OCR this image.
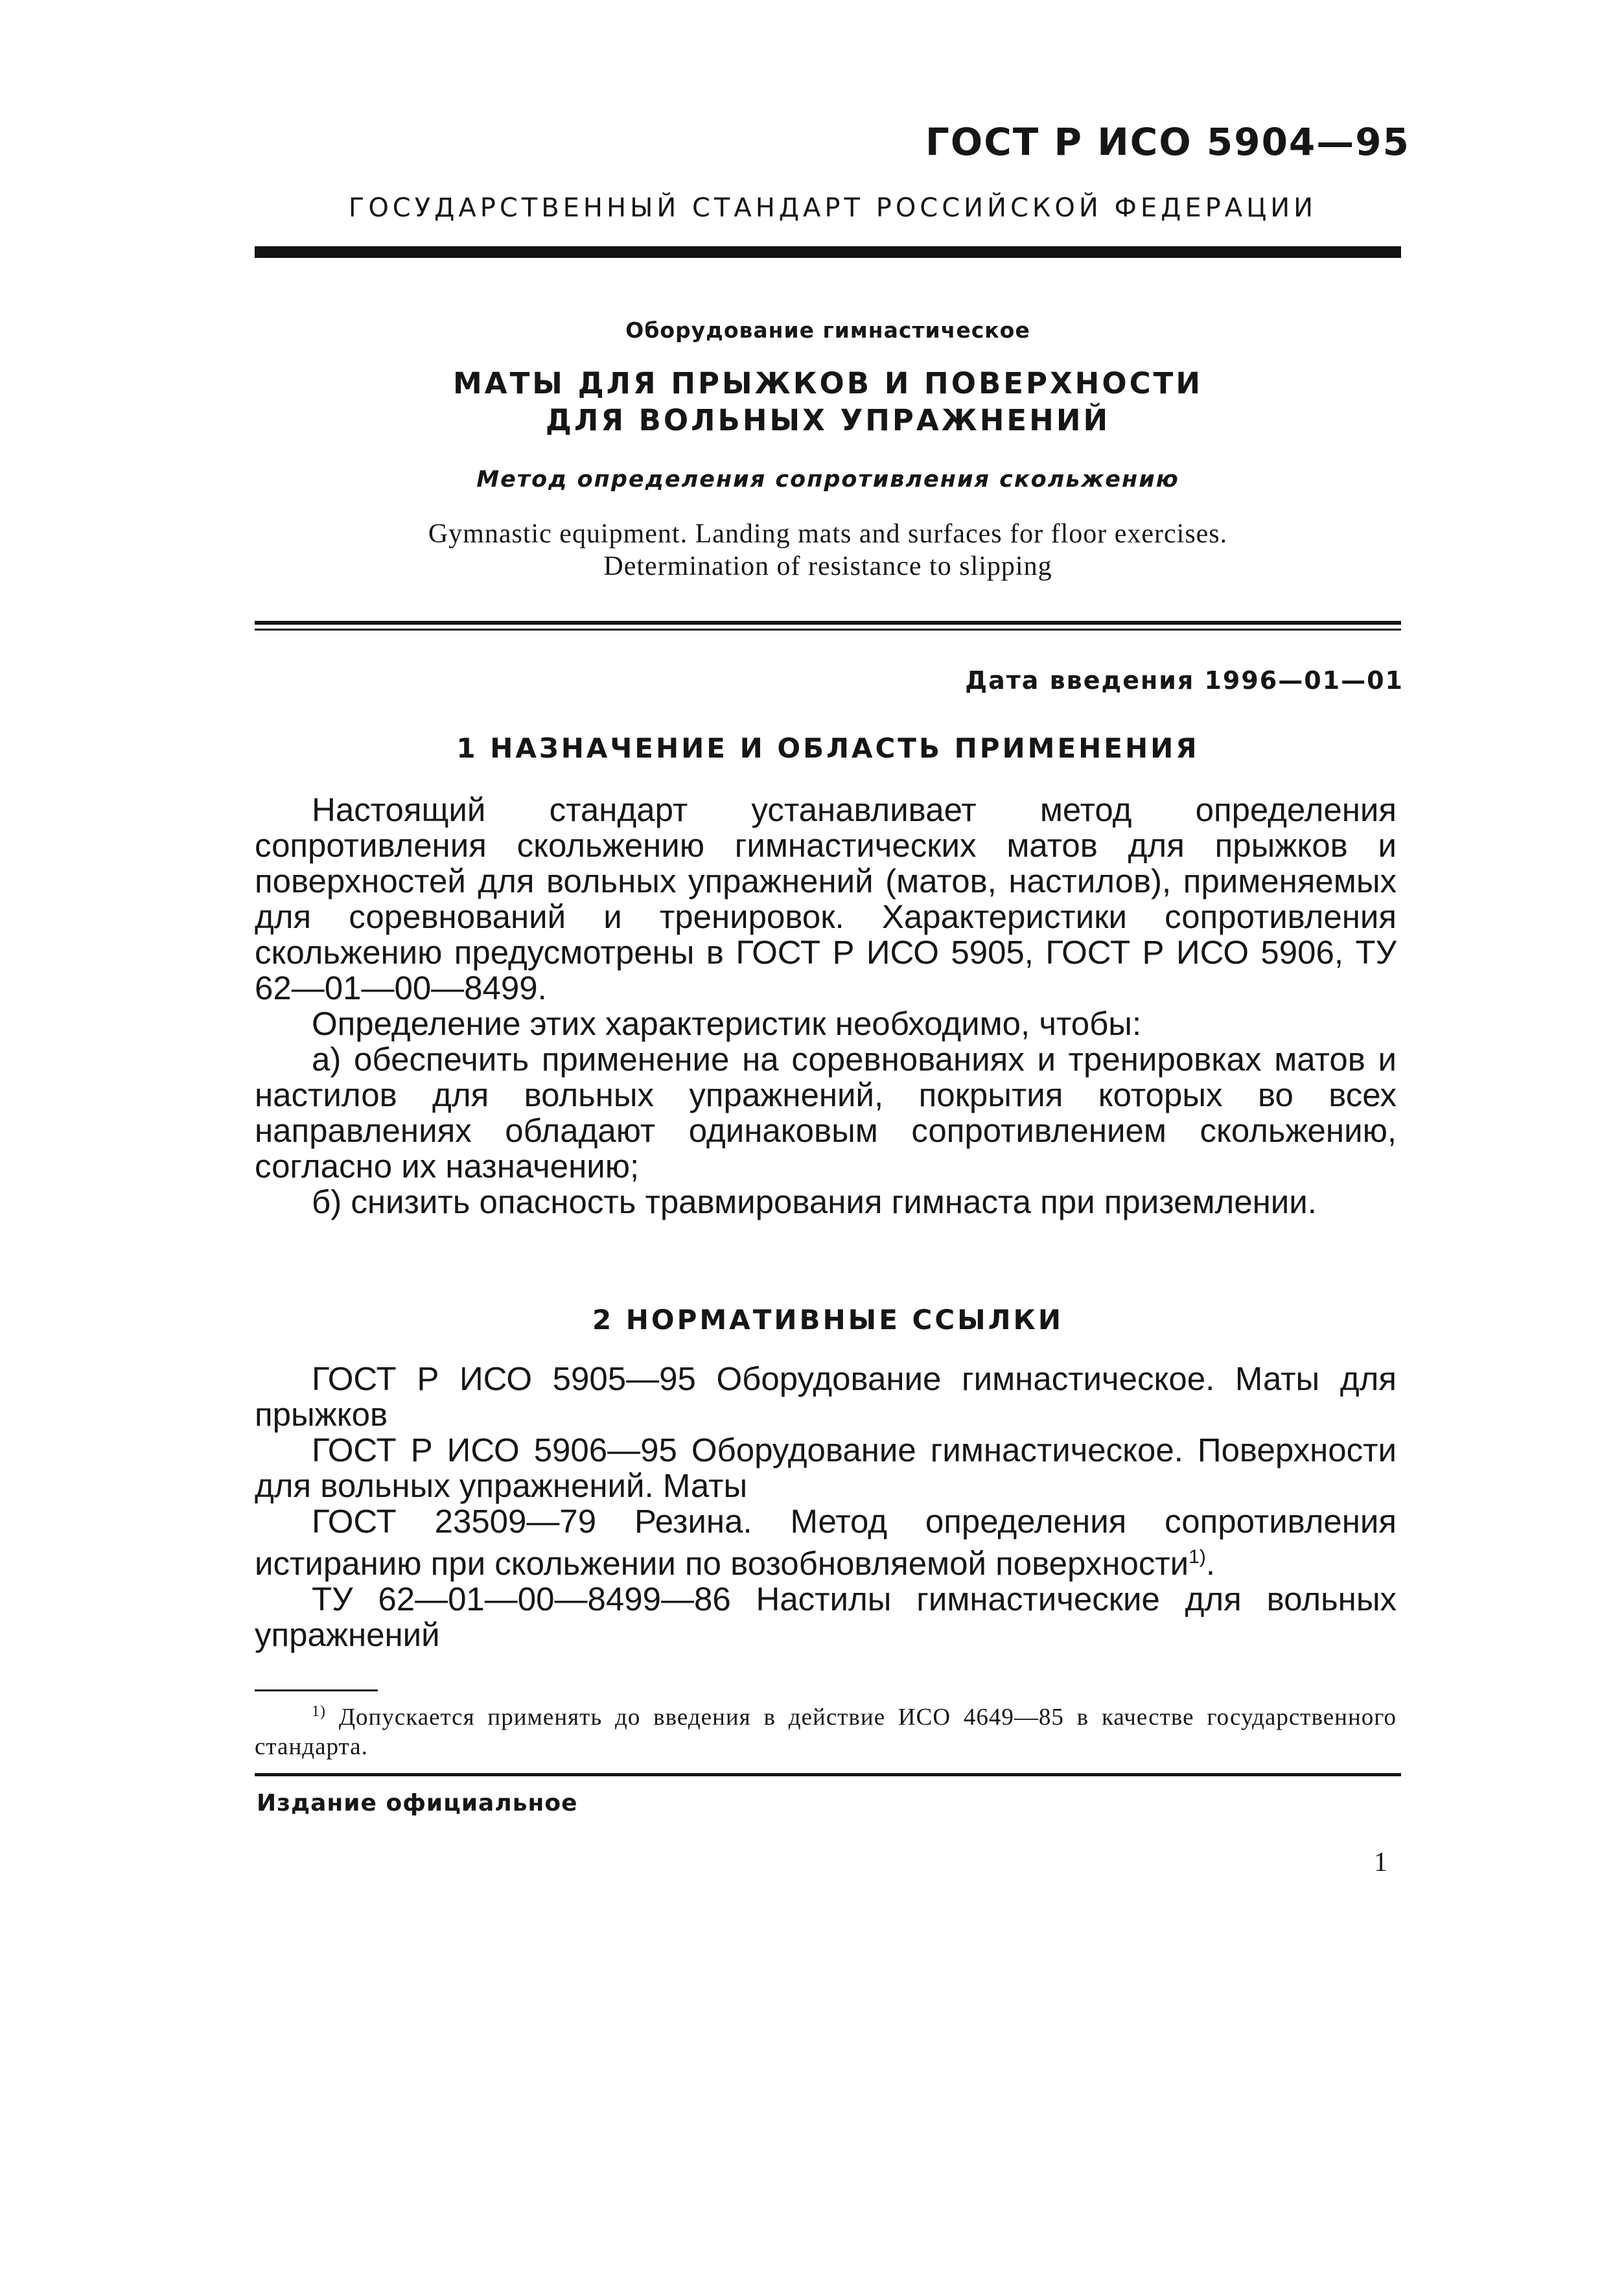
ГОСТ Р ИСО 5904—95
ГОСУДАРСТВЕННЫЙ СТАНДАРТ РОССИЙСКОЙ ФЕДЕРАЦИИ
Оборудование гимнастическое
МАТЫ ДЛЯ ПРЫЖКОВ И ПОВЕРХНОСТИ
ДЛЯ ВОЛЬНЫХ УПРАЖНЕНИЙ
Метод определения сопротивления скольжению
Gymnastic equipment. Landing mats and surfaces for floor exercises.
Determination of resistance to slipping
Дата введения 1996—01—01
1 НАЗНАЧЕНИЕ И ОБЛАСТЬ ПРИМЕНЕНИЯ

Настоящий стандарт устанавливает метод определения сопротивления скольжению гимнастических матов для прыжков и поверхностей для вольных упражнений (матов, настилов), применяемых для соревнований и тренировок. Характеристики сопротивления скольжению предусмотрены в ГОСТ Р ИСО 5905, ГОСТ Р ИСО 5906, ТУ 62—01—00—8499.

Определение этих характеристик необходимо, чтобы:

а) обеспечить применение на соревнованиях и тренировках матов и настилов для вольных упражнений, покрытия которых во всех направлениях обладают одинаковым сопротивлением скольжению, согласно их назначению;

б) снизить опасность травмирования гимнаста при приземлении.

2 НОРМАТИВНЫЕ ССЫЛКИ

ГОСТ Р ИСО 5905—95 Оборудование гимнастическое. Маты для прыжков

ГОСТ Р ИСО 5906—95 Оборудование гимнастическое. Поверхности для вольных упражнений. Маты

ГОСТ 23509—79 Резина. Метод определения сопротивления истиранию при скольжении по возобновляемой поверхности$^{1)}$.

ТУ 62—01—00—8499—86 Настилы гимнастические для вольных упражнений

$^{1)}$ Допускается применять до введения в действие ИСО 4649—85 в качестве государственного стандарта.
Издание официальное
1
